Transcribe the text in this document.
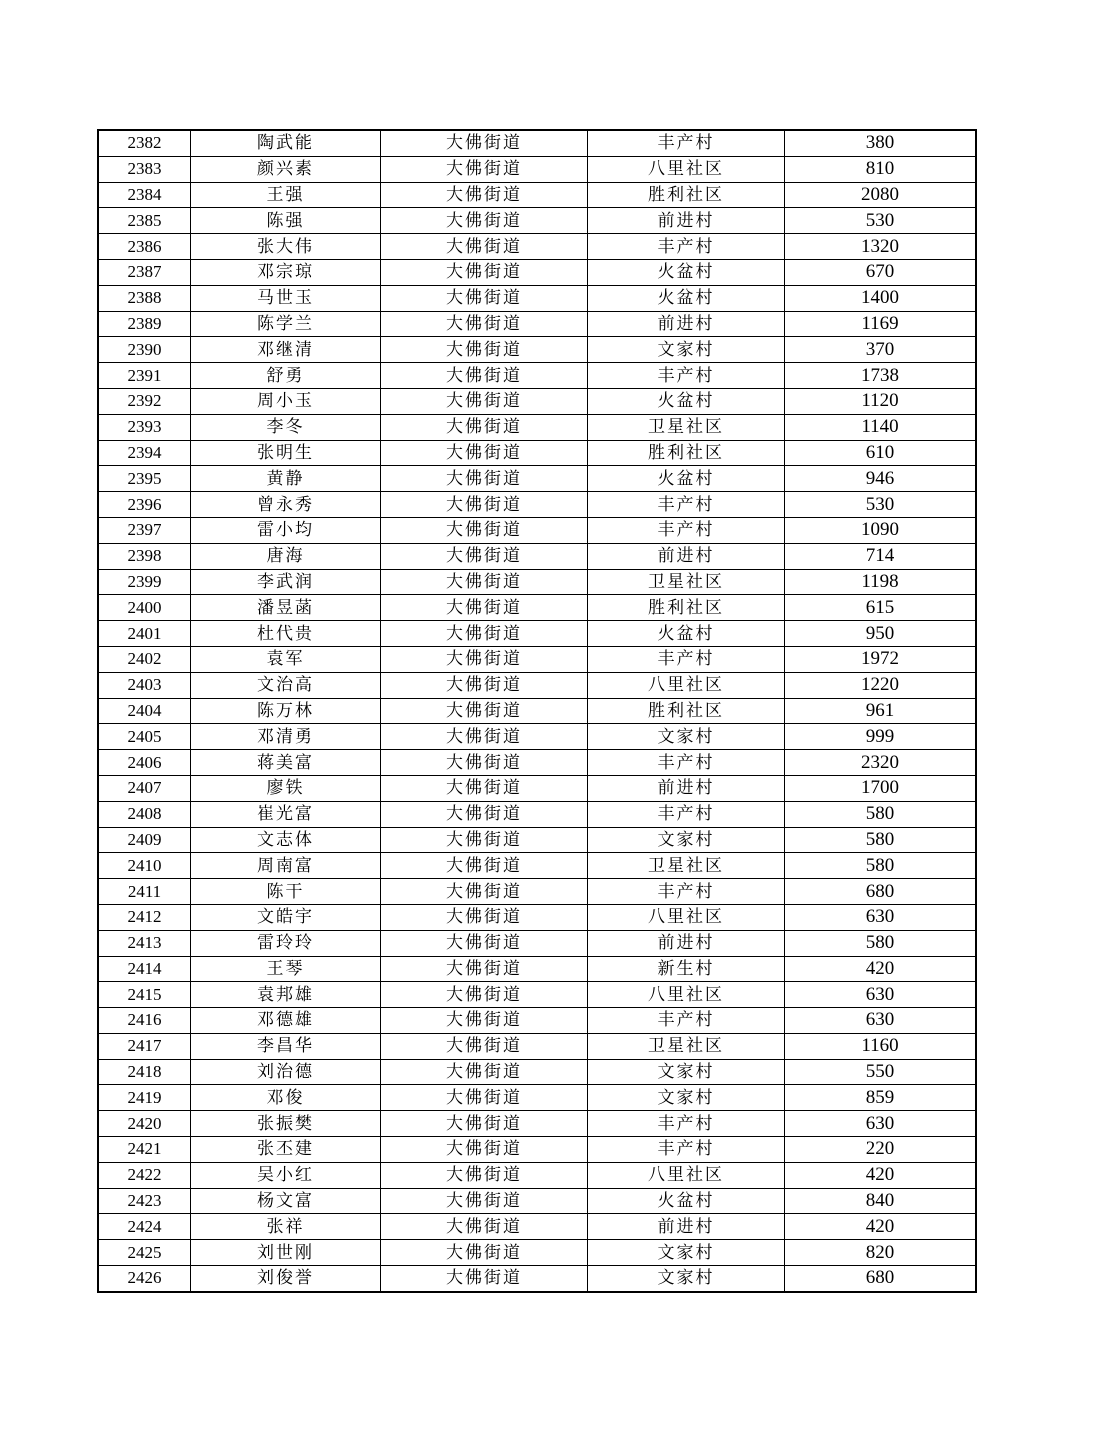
2382	陶武能	大佛街道	丰产村	380
2383	颜兴素	大佛街道	八里社区	810
2384	王强	大佛街道	胜利社区	2080
2385	陈强	大佛街道	前进村	530
2386	张大伟	大佛街道	丰产村	1320
2387	邓宗琼	大佛街道	火盆村	670
2388	马世玉	大佛街道	火盆村	1400
2389	陈学兰	大佛街道	前进村	1169
2390	邓继清	大佛街道	文家村	370
2391	舒勇	大佛街道	丰产村	1738
2392	周小玉	大佛街道	火盆村	1120
2393	李冬	大佛街道	卫星社区	1140
2394	张明生	大佛街道	胜利社区	610
2395	黄静	大佛街道	火盆村	946
2396	曾永秀	大佛街道	丰产村	530
2397	雷小均	大佛街道	丰产村	1090
2398	唐海	大佛街道	前进村	714
2399	李武润	大佛街道	卫星社区	1198
2400	潘昱菡	大佛街道	胜利社区	615
2401	杜代贵	大佛街道	火盆村	950
2402	袁军	大佛街道	丰产村	1972
2403	文治高	大佛街道	八里社区	1220
2404	陈万林	大佛街道	胜利社区	961
2405	邓清勇	大佛街道	文家村	999
2406	蒋美富	大佛街道	丰产村	2320
2407	廖铁	大佛街道	前进村	1700
2408	崔光富	大佛街道	丰产村	580
2409	文志体	大佛街道	文家村	580
2410	周南富	大佛街道	卫星社区	580
2411	陈干	大佛街道	丰产村	680
2412	文皓宇	大佛街道	八里社区	630
2413	雷玲玲	大佛街道	前进村	580
2414	王琴	大佛街道	新生村	420
2415	袁邦雄	大佛街道	八里社区	630
2416	邓德雄	大佛街道	丰产村	630
2417	李昌华	大佛街道	卫星社区	1160
2418	刘治德	大佛街道	文家村	550
2419	邓俊	大佛街道	文家村	859
2420	张振樊	大佛街道	丰产村	630
2421	张丕建	大佛街道	丰产村	220
2422	吴小红	大佛街道	八里社区	420
2423	杨文富	大佛街道	火盆村	840
2424	张祥	大佛街道	前进村	420
2425	刘世刚	大佛街道	文家村	820
2426	刘俊誉	大佛街道	文家村	680
